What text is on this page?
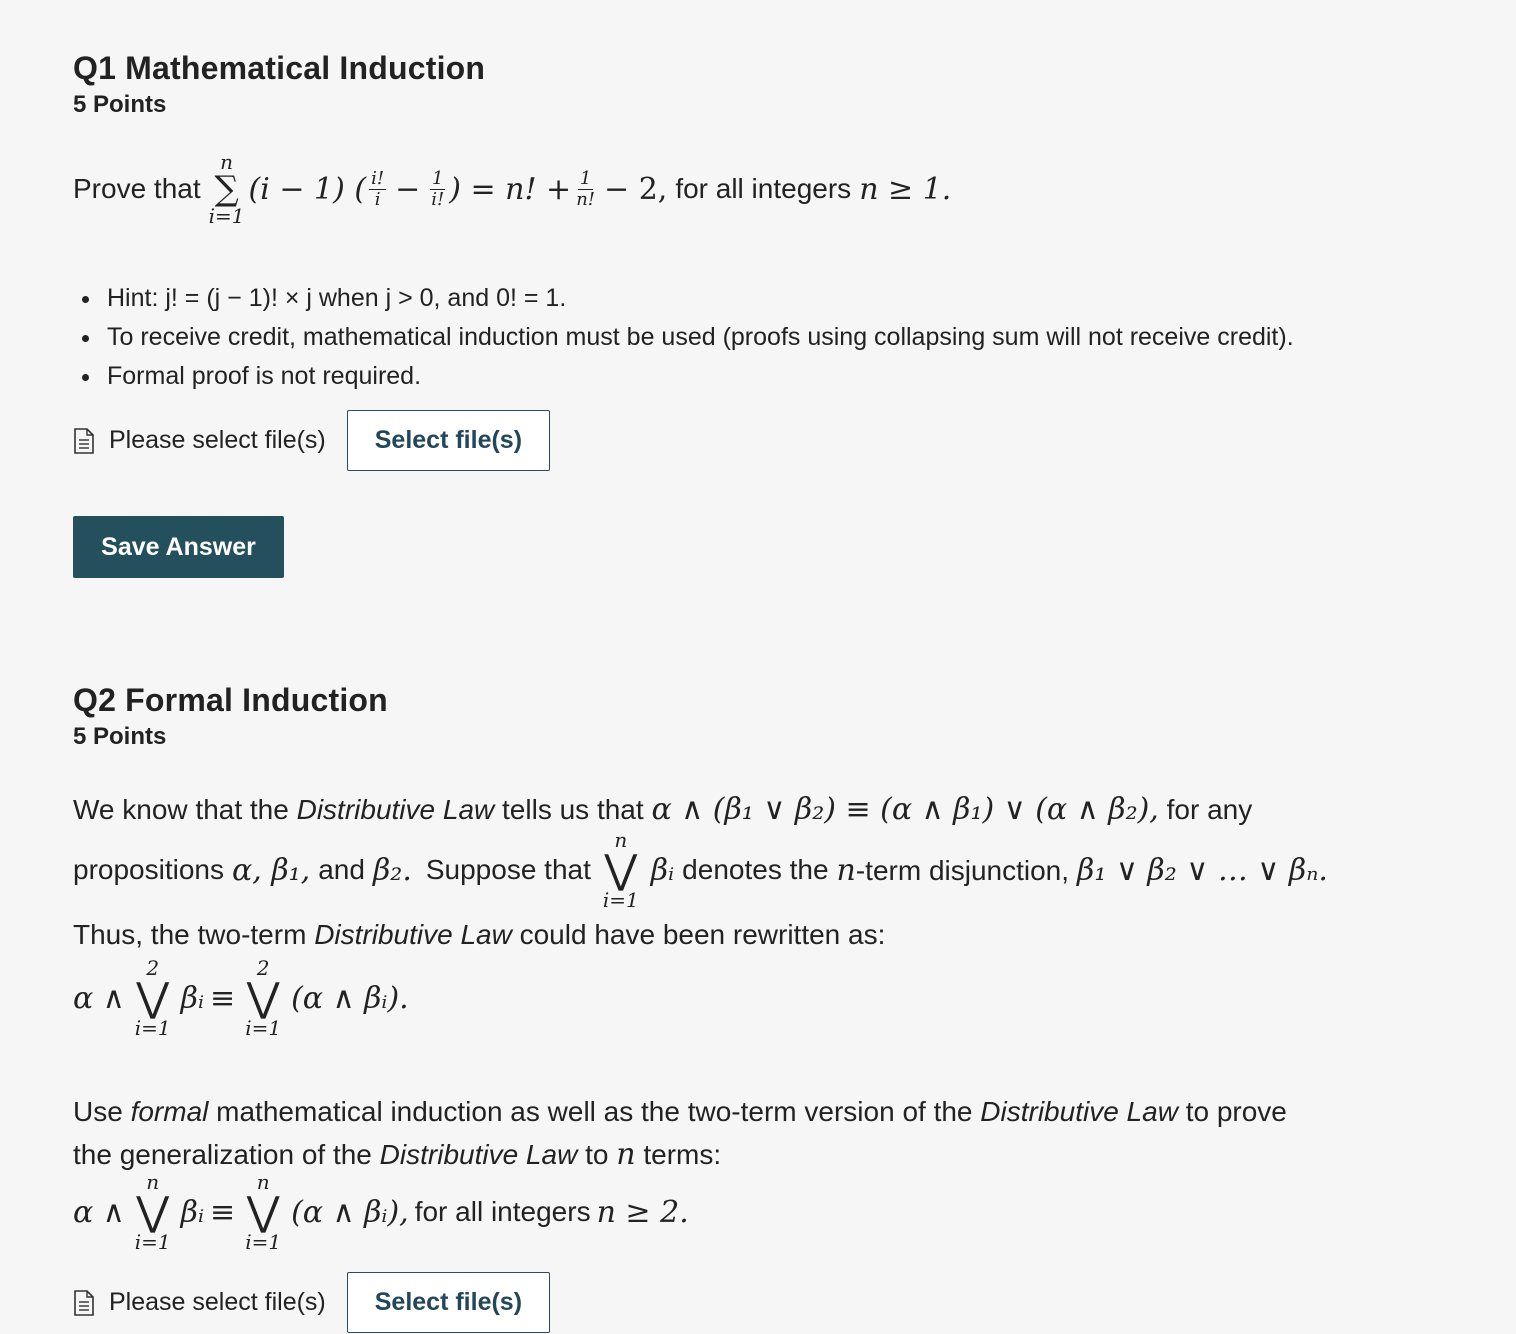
Q1 Mathematical Induction
5 Points
Prove that
n
∑
i=1
(i − 1) ( $\frac{i!}{i} - \frac{1}{i!}$ ) = n! + $\frac{1}{n!} - 2$, for all integers n ≥ 1.
• Hint: j! = (j − 1)! × j when j > 0, and 0! = 1.
• To receive credit, mathematical induction must be used (proofs using collapsing sum will not receive credit).
• Formal proof is not required.
Please select file(s)	Select file(s)
Save Answer
Q2 Formal Induction
5 Points
We know that the Distributive Law tells us that α ∧ (β₁ ∨ β₂) ≡ (α ∧ β₁) ∨ (α ∧ β₂), for any
propositions α, β₁, and β₂. Suppose that
n
⋁
i=1
βᵢ denotes the n-term disjunction, β₁ ∨ β₂ ∨ … ∨ βₙ.
Thus, the two-term Distributive Law could have been rewritten as:
α ∧
2
⋁
i=1
βᵢ ≡
2
⋁
i=1
(α ∧ βᵢ).
Use formal mathematical induction as well as the two-term version of the Distributive Law to prove
the generalization of the Distributive Law to n terms:
α ∧
n
⋁
i=1
βᵢ ≡
n
⋁
i=1
(α ∧ βᵢ), for all integers n ≥ 2.
Please select file(s)	Select file(s)
